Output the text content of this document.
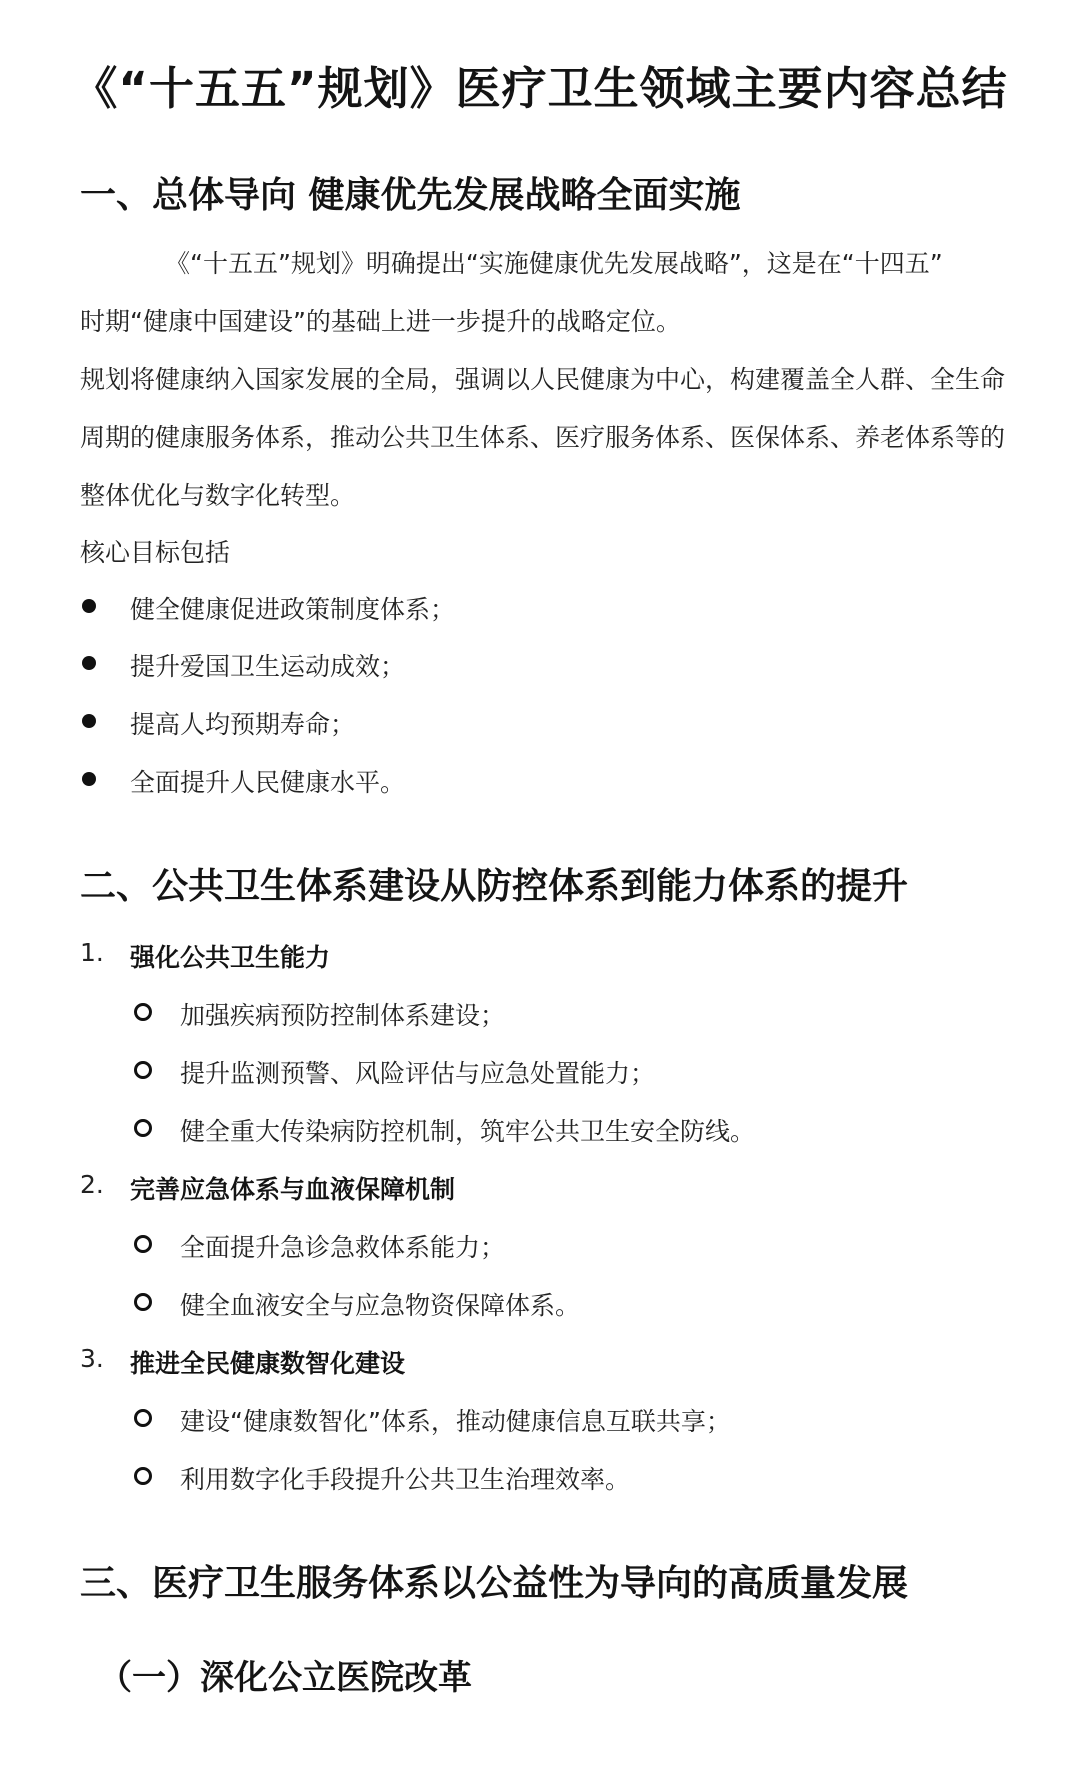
《“十五五”规划》医疗卫生领域主要内容总结
一、总体导向 健康优先发展战略全面实施
《“十五五”规划》明确提出“实施健康优先发展战略”，这是在“十四五”
时期“健康中国建设”的基础上进一步提升的战略定位。
规划将健康纳入国家发展的全局，强调以人民健康为中心，构建覆盖全人群、全生命
周期的健康服务体系，推动公共卫生体系、医疗服务体系、医保体系、养老体系等的
整体优化与数字化转型。
核心目标包括
健全健康促进政策制度体系；
提升爱国卫生运动成效；
提高人均预期寿命；
全面提升人民健康水平。
二、公共卫生体系建设从防控体系到能力体系的提升
1. 强化公共卫生能力
加强疾病预防控制体系建设；
提升监测预警、风险评估与应急处置能力；
健全重大传染病防控机制，筑牢公共卫生安全防线。
2. 完善应急体系与血液保障机制
全面提升急诊急救体系能力；
健全血液安全与应急物资保障体系。
3. 推进全民健康数智化建设
建设“健康数智化”体系，推动健康信息互联共享；
利用数字化手段提升公共卫生治理效率。
三、医疗卫生服务体系以公益性为导向的高质量发展
（一）深化公立医院改革
